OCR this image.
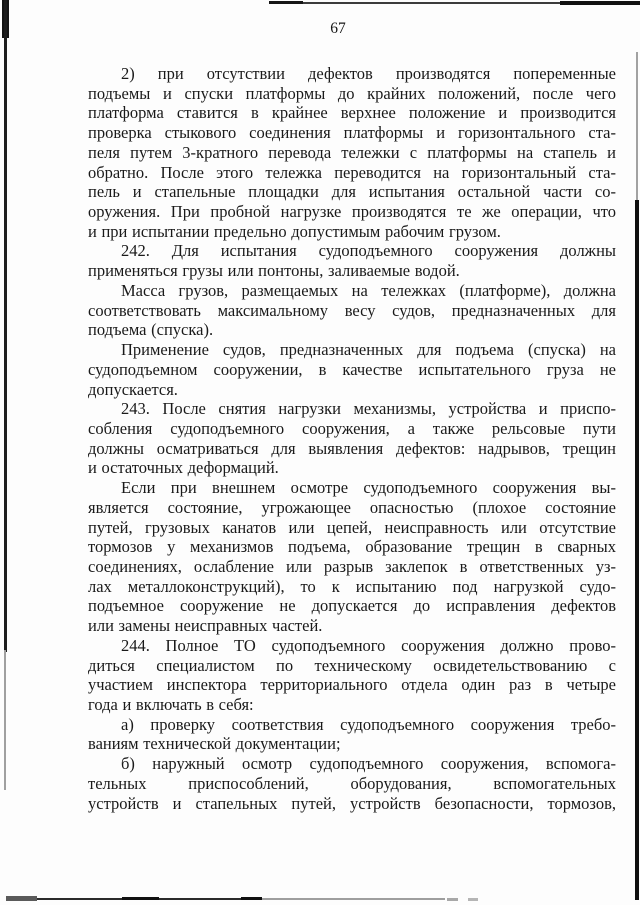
67
2) при отсутствии дефектов производятся попеременные
подъемы и спуски платформы до крайних положений, после чего
платформа ставится в крайнее верхнее положение и производится
проверка стыкового соединения платформы и горизонтального ста-
пеля путем 3-кратного перевода тележки с платформы на стапель и
обратно. После этого тележка переводится на горизонтальный ста-
пель и стапельные площадки для испытания остальной части со-
оружения. При пробной нагрузке производятся те же операции, что
и при испытании предельно допустимым рабочим грузом.
242. Для испытания судоподъемного сооружения должны
применяться грузы или понтоны, заливаемые водой.
Масса грузов, размещаемых на тележках (платформе), должна
соответствовать максимальному весу судов, предназначенных для
подъема (спуска).
Применение судов, предназначенных для подъема (спуска) на
судоподъемном сооружении, в качестве испытательного груза не
допускается.
243. После снятия нагрузки механизмы, устройства и приспо-
собления судоподъемного сооружения, а также рельсовые пути
должны осматриваться для выявления дефектов: надрывов, трещин
и остаточных деформаций.
Если при внешнем осмотре судоподъемного сооружения вы-
является состояние, угрожающее опасностью (плохое состояние
путей, грузовых канатов или цепей, неисправность или отсутствие
тормозов у механизмов подъема, образование трещин в сварных
соединениях, ослабление или разрыв заклепок в ответственных уз-
лах металлоконструкций), то к испытанию под нагрузкой судо-
подъемное сооружение не допускается до исправления дефектов
или замены неисправных частей.
244. Полное ТО судоподъемного сооружения должно прово-
диться специалистом по техническому освидетельствованию с
участием инспектора территориального отдела один раз в четыре
года и включать в себя:
а) проверку соответствия судоподъемного сооружения требо-
ваниям технической документации;
б) наружный осмотр судоподъемного сооружения, вспомога-
тельных приспособлений, оборудования, вспомогательных
устройств и стапельных путей, устройств безопасности, тормозов,
